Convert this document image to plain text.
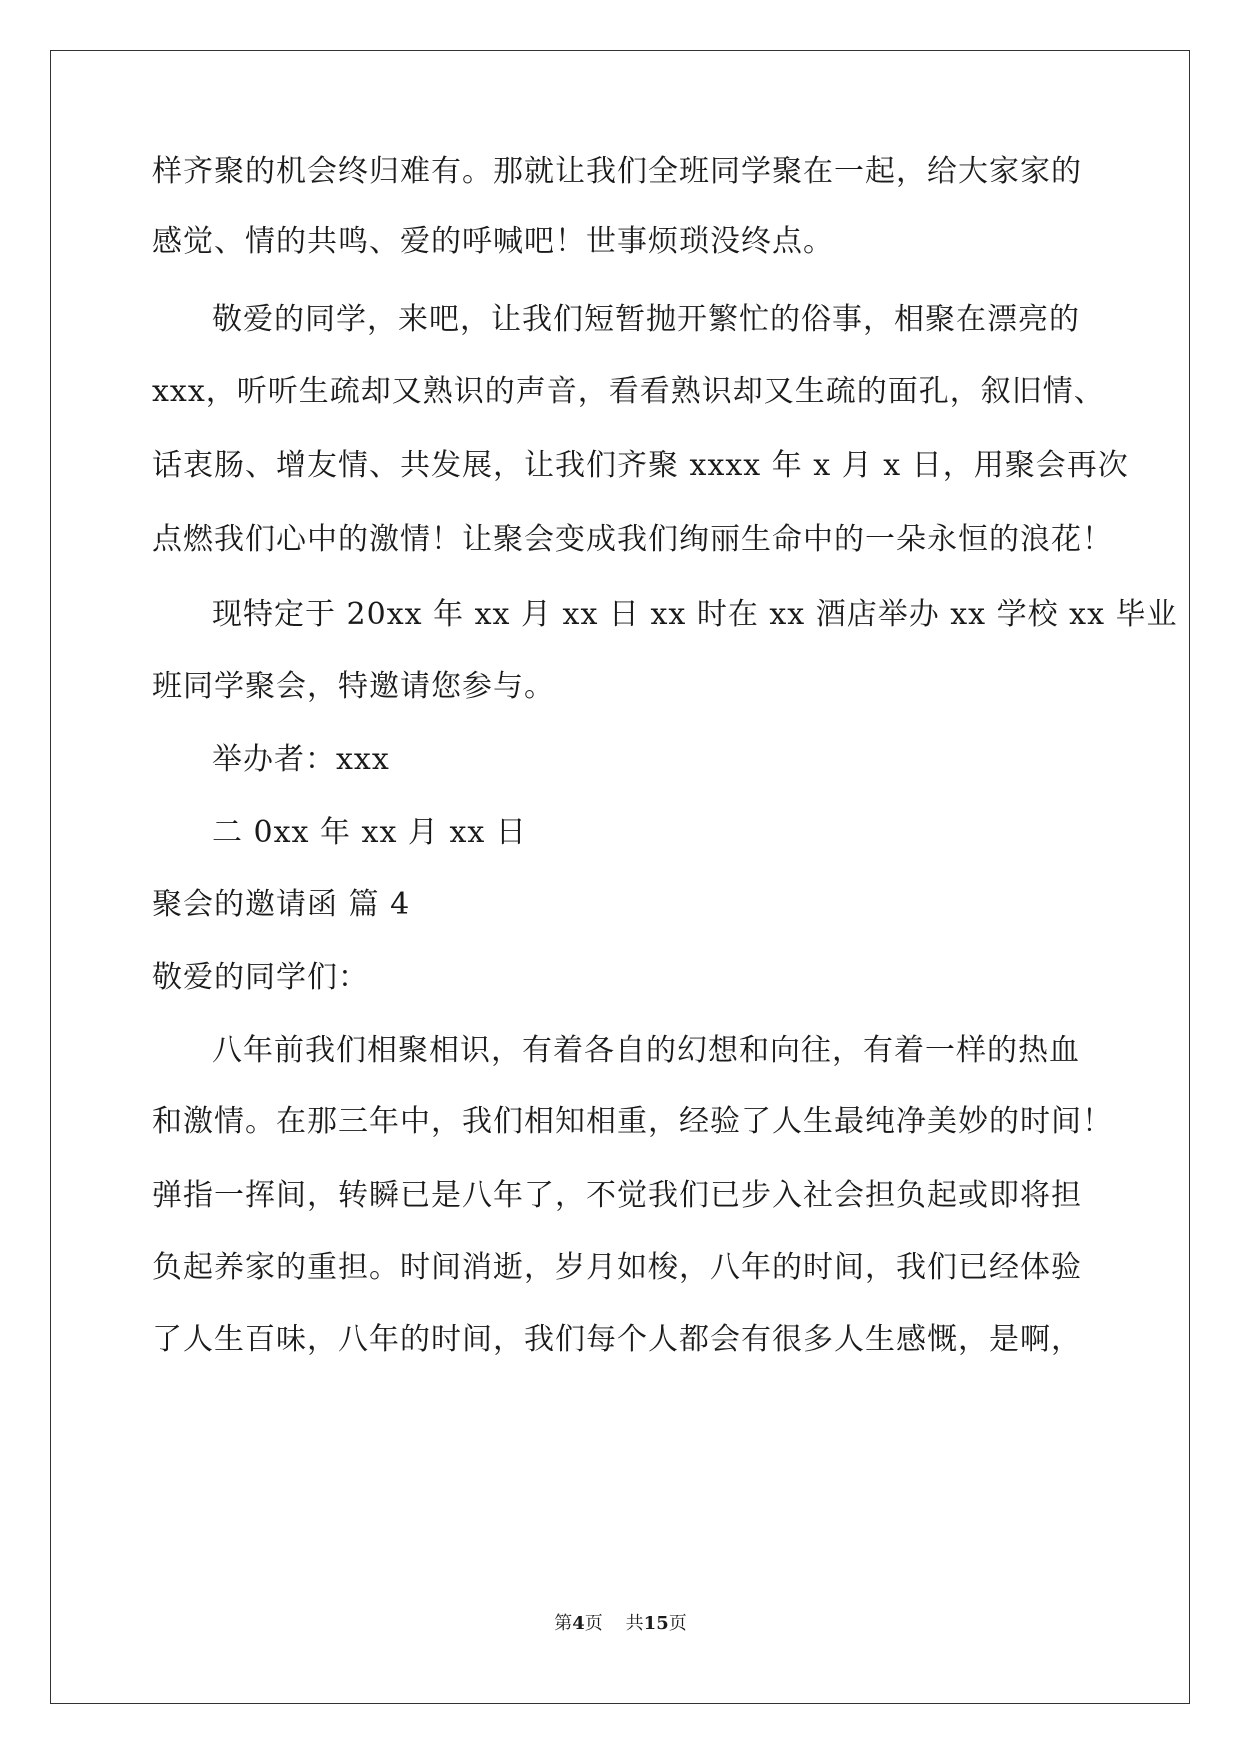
样齐聚的机会终归难有。那就让我们全班同学聚在一起，给大家家的
感觉、情的共鸣、爱的呼喊吧！世事烦琐没终点。
敬爱的同学，来吧，让我们短暂抛开繁忙的俗事，相聚在漂亮的
xxx，听听生疏却又熟识的声音，看看熟识却又生疏的面孔，叙旧情、
话衷肠、增友情、共发展，让我们齐聚 xxxx 年 x 月 x 日，用聚会再次
点燃我们心中的激情！让聚会变成我们绚丽生命中的一朵永恒的浪花！
现特定于 20xx 年 xx 月 xx 日 xx 时在 xx 酒店举办 xx 学校 xx 毕业
班同学聚会，特邀请您参与。
举办者：xxx
二 0xx 年 xx 月 xx 日
聚会的邀请函 篇 4
敬爱的同学们：
八年前我们相聚相识，有着各自的幻想和向往，有着一样的热血
和激情。在那三年中，我们相知相重，经验了人生最纯净美妙的时间！
弹指一挥间，转瞬已是八年了，不觉我们已步入社会担负起或即将担
负起养家的重担。时间消逝，岁月如梭，八年的时间，我们已经体验
了人生百味，八年的时间，我们每个人都会有很多人生感慨，是啊，
第4页 共15页
